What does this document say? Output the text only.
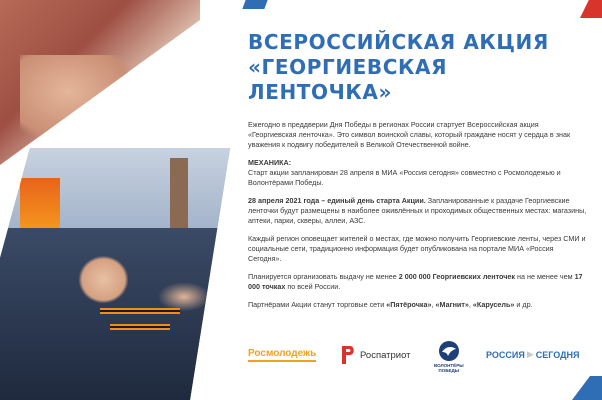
ВСЕРОССИЙСКАЯ АКЦИЯ
«ГЕОРГИЕВСКАЯ ЛЕНТОЧКА»

Ежегодно в преддверии Дня Победы в регионах России стартует Всероссийская акция «Георгиевская ленточка». Это символ воинской славы, который граждане носят у сердца в знак уважения к подвигу победителей в Великой Отечественной войне.

МЕХАНИКА:
Старт акции запланирован 28 апреля в МИА «Россия сегодня» совместно с Росмолодежью и Волонтёрами Победы.

28 апреля 2021 года – единый день старта Акции. Запланированные к раздаче Георгиевские ленточки будут размещены в наиболее оживлённых и проходимых общественных местах: магазины, аптеки, парки, скверы, аллеи, АЗС.

Каждый регион оповещает жителей о местах, где можно получить Георгиевские ленты, через СМИ и социальные сети, традиционно информация будет опубликована на портале МИА «Россия Сегодня».

Планируется организовать выдачу не менее 2 000 000 Георгиевских ленточек на не менее чем 17 000 точках по всей России.

Партнёрами Акции станут торговые сети «Пятёрочка», «Магнит», «Карусель» и др.

Росмолодежь	Роспатриот
ВОЛОНТЁРЫ
ПОБЕДЫ
РОССИЯ ▶ СЕГОДНЯ
